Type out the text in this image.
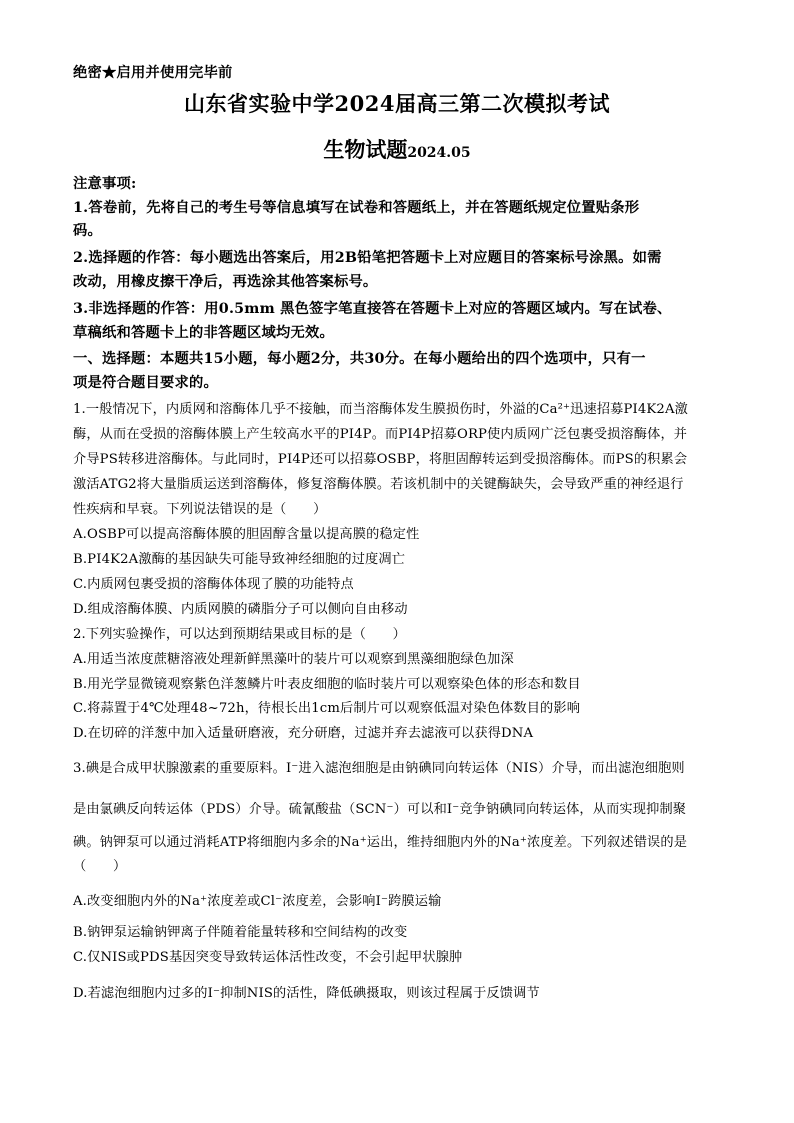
绝密★启用并使用完毕前
山东省实验中学2024届高三第二次模拟考试
生物试题2024.05
注意事项:
1.答卷前，先将自己的考生号等信息填写在试卷和答题纸上，并在答题纸规定位置贴条形
码。
2.选择题的作答：每小题选出答案后，用2B铅笔把答题卡上对应题目的答案标号涂黑。如需
改动，用橡皮擦干净后，再选涂其他答案标号。
3.非选择题的作答：用0.5mm 黑色签字笔直接答在答题卡上对应的答题区域内。写在试卷、
草稿纸和答题卡上的非答题区域均无效。
一、选择题：本题共15小题，每小题2分，共30分。在每小题给出的四个选项中，只有一
项是符合题目要求的。
1.一般情况下，内质网和溶酶体几乎不接触，而当溶酶体发生膜损伤时，外溢的Ca²⁺迅速招募PI4K2A激
酶，从而在受损的溶酶体膜上产生较高水平的PI4P。而PI4P招募ORP使内质网广泛包裹受损溶酶体，并
介导PS转移进溶酶体。与此同时，PI4P还可以招募OSBP，将胆固醇转运到受损溶酶体。而PS的积累会
激活ATG2将大量脂质运送到溶酶体，修复溶酶体膜。若该机制中的关键酶缺失，会导致严重的神经退行
性疾病和早衰。下列说法错误的是（　　）
A.OSBP可以提高溶酶体膜的胆固醇含量以提高膜的稳定性
B.PI4K2A激酶的基因缺失可能导致神经细胞的过度凋亡
C.内质网包裹受损的溶酶体体现了膜的功能特点
D.组成溶酶体膜、内质网膜的磷脂分子可以侧向自由移动
2.下列实验操作，可以达到预期结果或目标的是（　　）
A.用适当浓度蔗糖溶液处理新鲜黑藻叶的装片可以观察到黑藻细胞绿色加深
B.用光学显微镜观察紫色洋葱鳞片叶表皮细胞的临时装片可以观察染色体的形态和数目
C.将蒜置于4℃处理48~72h，待根长出1cm后制片可以观察低温对染色体数目的影响
D.在切碎的洋葱中加入适量研磨液，充分研磨，过滤并弃去滤液可以获得DNA
3.碘是合成甲状腺激素的重要原料。I⁻进入滤泡细胞是由钠碘同向转运体（NIS）介导，而出滤泡细胞则
是由氯碘反向转运体（PDS）介导。硫氰酸盐（SCN⁻）可以和I⁻竞争钠碘同向转运体，从而实现抑制聚
碘。钠钾泵可以通过消耗ATP将细胞内多余的Na⁺运出，维持细胞内外的Na⁺浓度差。下列叙述错误的是
（　　）
A.改变细胞内外的Na⁺浓度差或Cl⁻浓度差，会影响I⁻跨膜运输
B.钠钾泵运输钠钾离子伴随着能量转移和空间结构的改变
C.仅NIS或PDS基因突变导致转运体活性改变，不会引起甲状腺肿
D.若滤泡细胞内过多的I⁻抑制NIS的活性，降低碘摄取，则该过程属于反馈调节
